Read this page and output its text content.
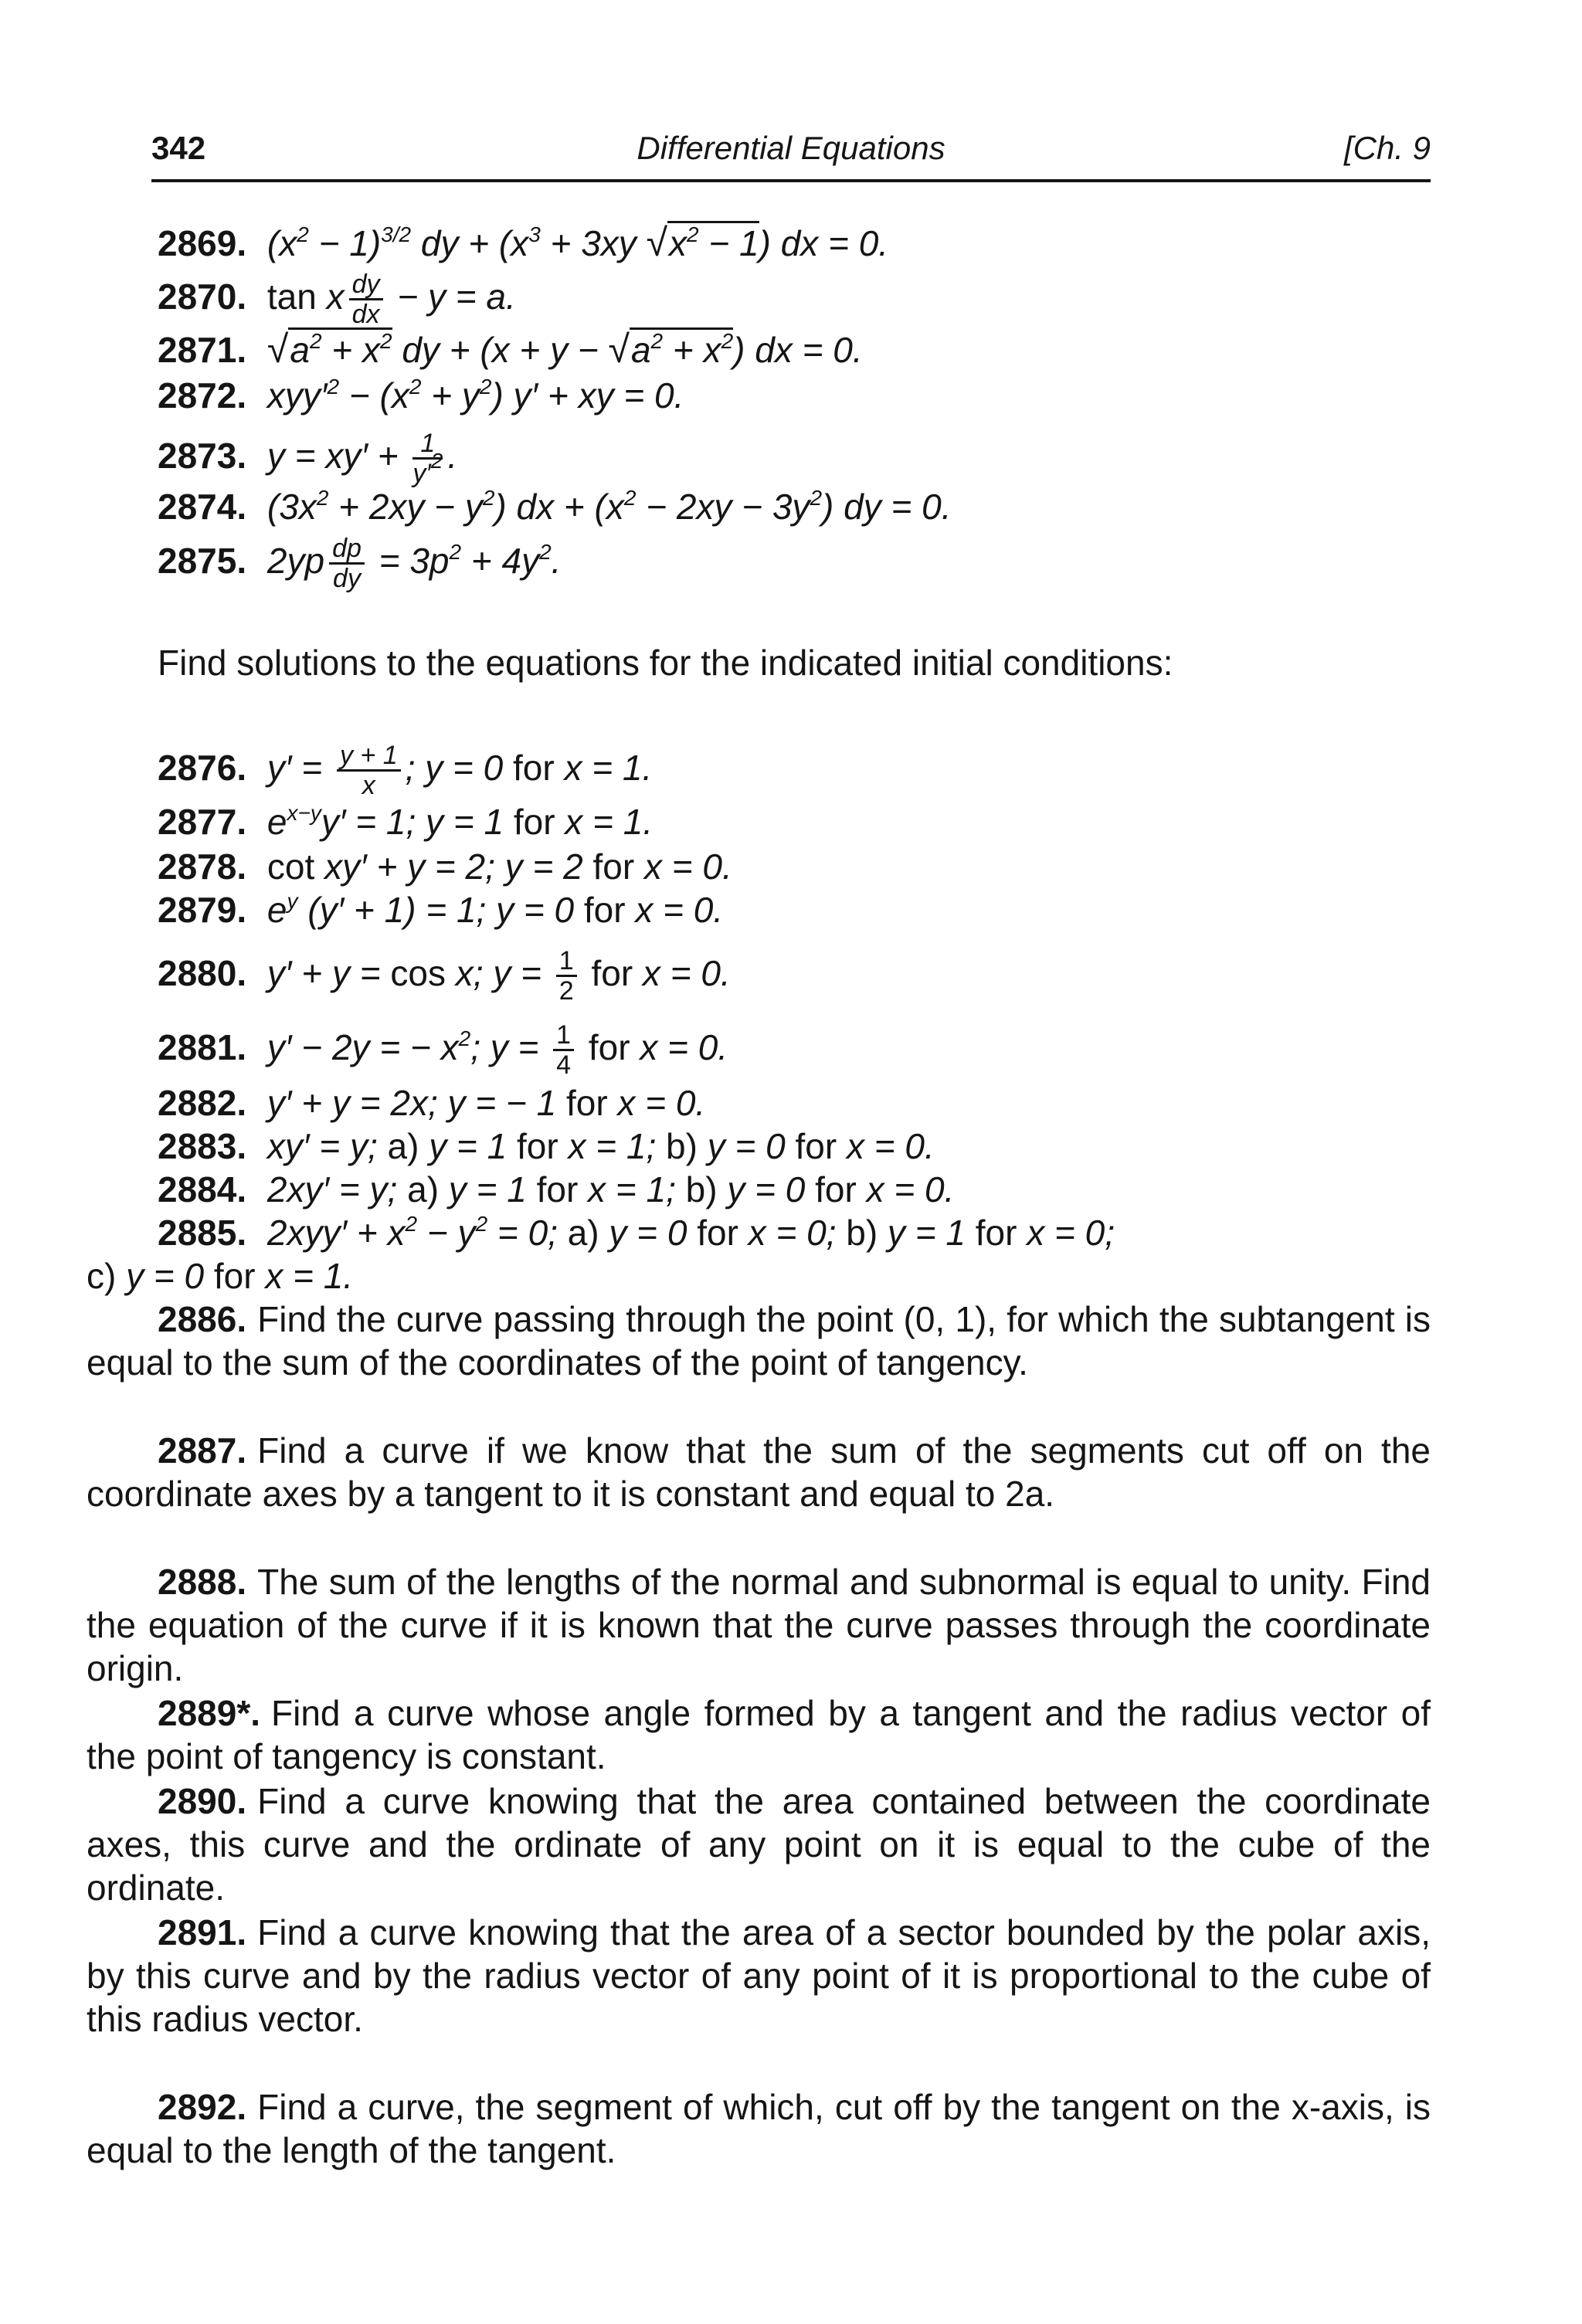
342	Differential Equations	[Ch. 9
2869. $(x^2 - 1)^{3/2}$ dy + ($x^3 + 3xy$ $√x^2 - 1$) dx = 0.
2870. tan x $\frac{dy}{dx} - y = a$.
2871. $√a^2 + x^2$ dy + $(x + y - √a^2 + x^2)$ dx = 0.
2872. $xyy'^2 - (x^2 + y^2) y'$ + xy = 0.
2873. $y = xy' + \frac{1}{y'^2}$ .
2874. $(3x^2 + 2xy - y^2)$ dx + $(x^2 - 2xy - 3y^2)$ dy = 0.
2875. $2yp \frac{dp}{dy} = 3p^2 + 4y^2$.
Find solutions to the equations for the indicated initial conditions:
2876. $y' = \frac{y + 1}{x}$ ; y = 0 for x = 1.
2877. $e^{x-y}y' = 1$; y = 1 for x = 1.
2878. cot xy′ + y = 2; y = 2 for x = 0.
2879. $e^y$ (y′ + 1) = 1; y = 0 for x = 0.
2880. y′ + y = cos x; $y = \frac{1}{2}$ for x = 0.
2881. y′ − 2y = − $x^2$; $y = \frac{1}{4}$ for x = 0.
2882. y′ + y = 2x; y = − 1 for x = 0.
2883. xy′ = y; a) y = 1 for x = 1; b) y = 0 for x = 0.
2884. 2xy′ = y; a) y = 1 for x = 1; b) y = 0 for x = 0.
2885. $2xyy' + x^2 - y^2 = 0$; a) y = 0 for x = 0; b) y = 1 for x = 0;
c) y = 0 for x = 1.
2886. Find the curve passing through the point (0, 1), for which the subtangent is equal to the sum of the coordinates of the point of tangency.
2887. Find a curve if we know that the sum of the segments cut off on the coordinate axes by a tangent to it is constant and equal to 2a.
2888. The sum of the lengths of the normal and subnormal is equal to unity. Find the equation of the curve if it is known that the curve passes through the coordinate origin.
2889*. Find a curve whose angle formed by a tangent and the radius vector of the point of tangency is constant.
2890. Find a curve knowing that the area contained between the coordinate axes, this curve and the ordinate of any point on it is equal to the cube of the ordinate.
2891. Find a curve knowing that the area of a sector bounded by the polar axis, by this curve and by the radius vector of any point of it is proportional to the cube of this radius vector.
2892. Find a curve, the segment of which, cut off by the tangent on the x-axis, is equal to the length of the tangent.
